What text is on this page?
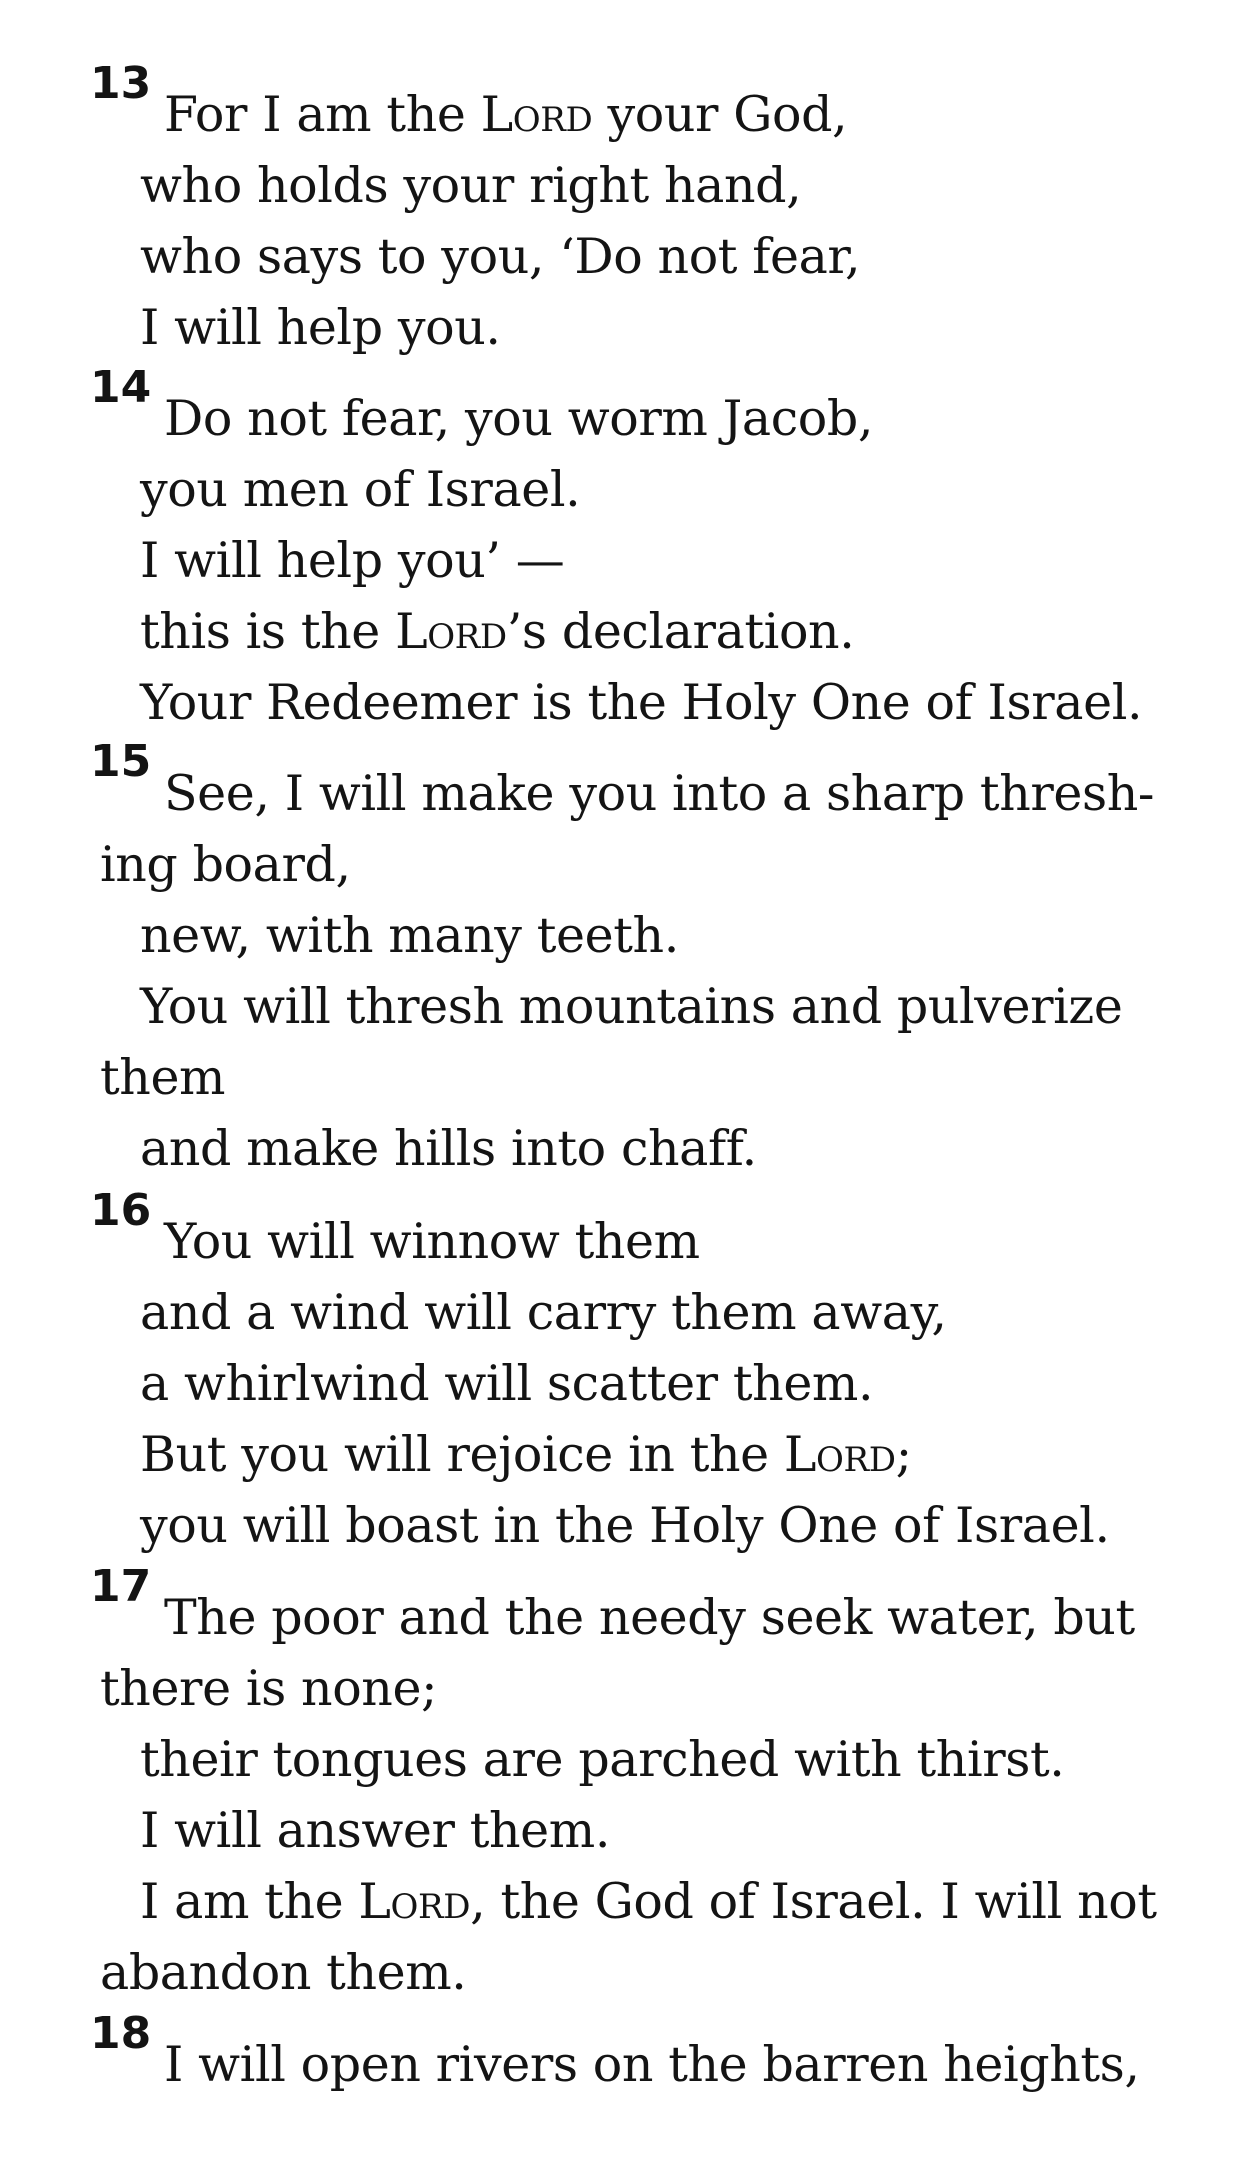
13
For I am the Lord your God,
who holds your right hand,
who says to you, ‘Do not fear,
I will help you.
14
Do not fear, you worm Jacob,
you men of Israel.
I will help you’ —
this is the Lord’s declaration.
Your Redeemer is the Holy One of Israel.
15
See, I will make you into a sharp thresh-
ing board,
new, with many teeth.
You will thresh mountains and pulverize
them
and make hills into chaff.
16
You will winnow them
and a wind will carry them away,
a whirlwind will scatter them.
But you will rejoice in the Lord;
you will boast in the Holy One of Israel.
17
The poor and the needy seek water, but
there is none;
their tongues are parched with thirst.
I will answer them.
I am the Lord, the God of Israel. I will not
abandon them.
18
I will open rivers on the barren heights,
